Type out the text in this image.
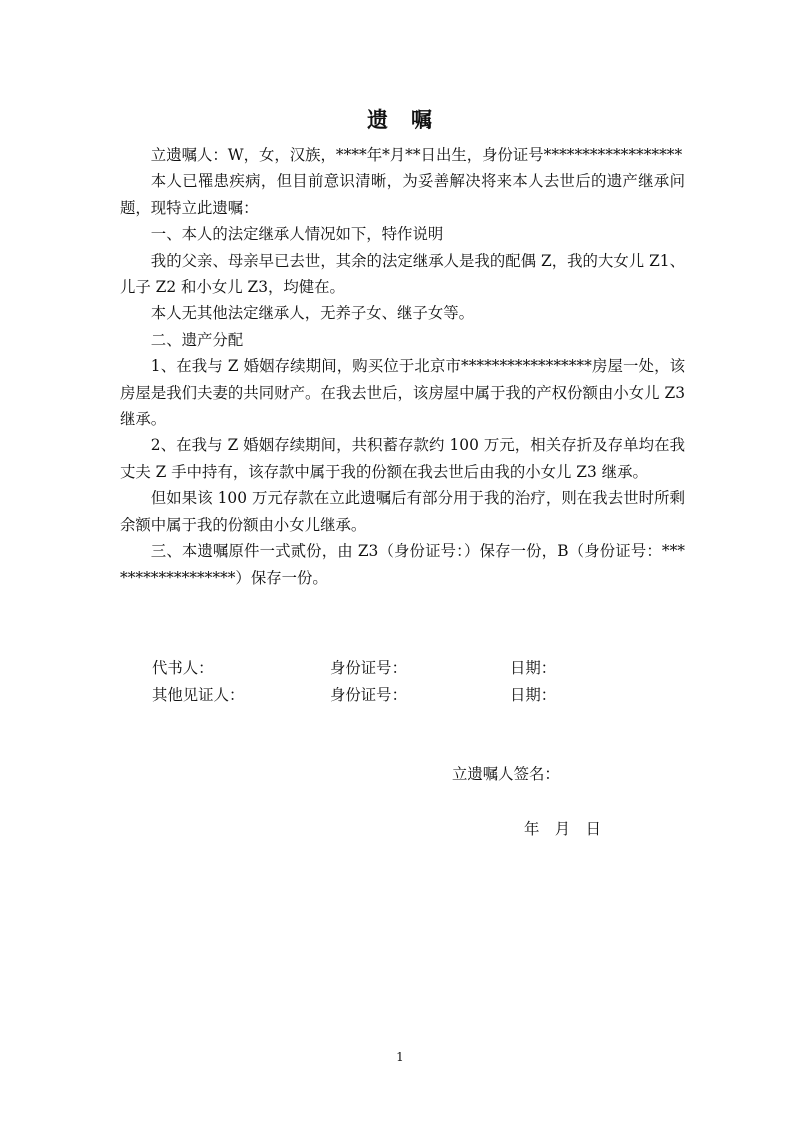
遗　嘱

立遗嘱人：W，女，汉族，****年*月**日出生，身份证号******************

本人已罹患疾病，但目前意识清晰，为妥善解决将来本人去世后的遗产继承问题，现特立此遗嘱：

一、本人的法定继承人情况如下，特作说明

我的父亲、母亲早已去世，其余的法定继承人是我的配偶 Z，我的大女儿 Z1、儿子 Z2 和小女儿 Z3，均健在。

本人无其他法定继承人，无养子女、继子女等。

二、遗产分配

1、在我与 Z 婚姻存续期间，购买位于北京市*****************房屋一处，该房屋是我们夫妻的共同财产。在我去世后，该房屋中属于我的产权份额由小女儿 Z3 继承。

2、在我与 Z 婚姻存续期间，共积蓄存款约 100 万元，相关存折及存单均在我丈夫 Z 手中持有，该存款中属于我的份额在我去世后由我的小女儿 Z3 继承。

但如果该 100 万元存款在立此遗嘱后有部分用于我的治疗，则在我去世时所剩余额中属于我的份额由小女儿继承。

三、本遗嘱原件一式贰份，由 Z3（身份证号：）保存一份，B（身份证号：******************）保存一份。

代书人：	身份证号：	日期：
其他见证人：	身份证号：	日期：
立遗嘱人签名：
年　月　日
1
